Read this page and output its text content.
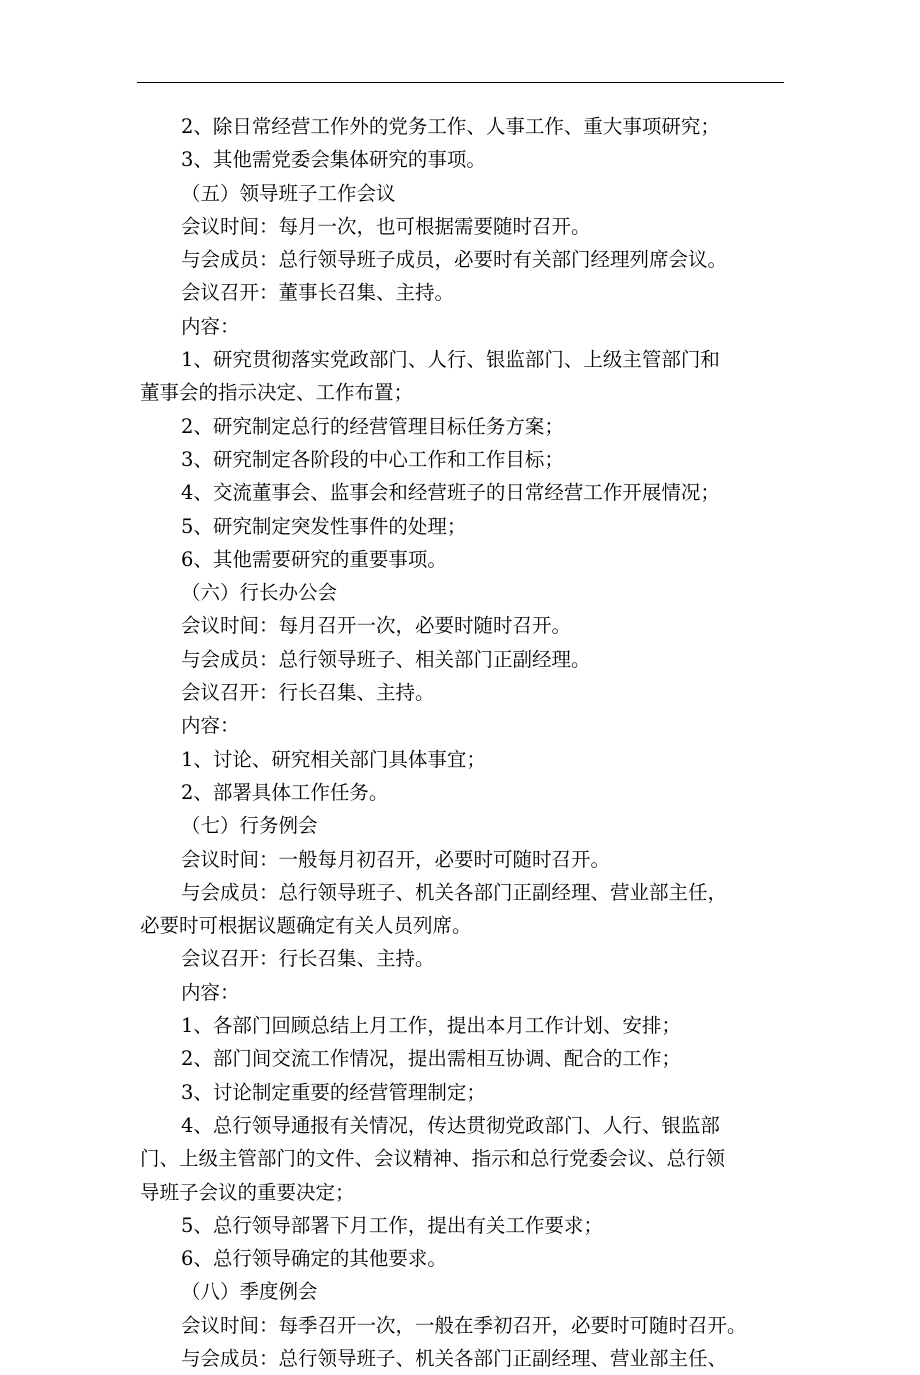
2、除日常经营工作外的党务工作、人事工作、重大事项研究；
3、其他需党委会集体研究的事项。
（五）领导班子工作会议
会议时间：每月一次，也可根据需要随时召开。
与会成员：总行领导班子成员，必要时有关部门经理列席会议。
会议召开：董事长召集、主持。
内容：
1、研究贯彻落实党政部门、人行、银监部门、上级主管部门和
董事会的指示决定、工作布置；
2、研究制定总行的经营管理目标任务方案；
3、研究制定各阶段的中心工作和工作目标；
4、交流董事会、监事会和经营班子的日常经营工作开展情况；
5、研究制定突发性事件的处理；
6、其他需要研究的重要事项。
（六）行长办公会
会议时间：每月召开一次，必要时随时召开。
与会成员：总行领导班子、相关部门正副经理。
会议召开：行长召集、主持。
内容：
1、讨论、研究相关部门具体事宜；
2、部署具体工作任务。
（七）行务例会
会议时间：一般每月初召开，必要时可随时召开。
与会成员：总行领导班子、机关各部门正副经理、营业部主任，
必要时可根据议题确定有关人员列席。
会议召开：行长召集、主持。
内容：
1、各部门回顾总结上月工作，提出本月工作计划、安排；
2、部门间交流工作情况，提出需相互协调、配合的工作；
3、讨论制定重要的经营管理制定；
4、总行领导通报有关情况，传达贯彻党政部门、人行、银监部
门、上级主管部门的文件、会议精神、指示和总行党委会议、总行领
导班子会议的重要决定；
5、总行领导部署下月工作，提出有关工作要求；
6、总行领导确定的其他要求。
（八）季度例会
会议时间：每季召开一次，一般在季初召开，必要时可随时召开。
与会成员：总行领导班子、机关各部门正副经理、营业部主任、
